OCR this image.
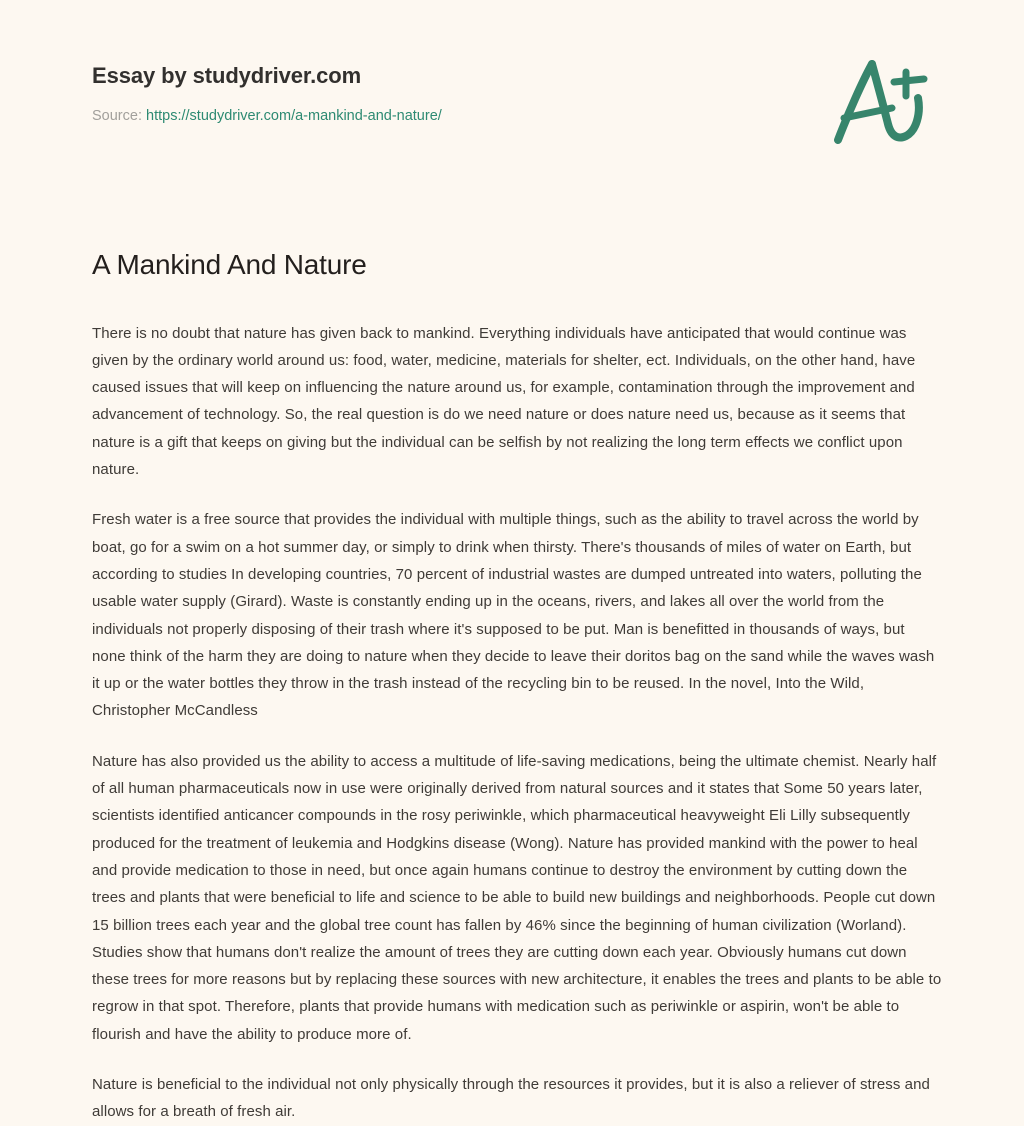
Essay by studydriver.com
Source: https://studydriver.com/a-mankind-and-nature/
A Mankind And Nature

There is no doubt that nature has given back to mankind. Everything individuals have anticipated that would continue was given by the ordinary world around us: food, water, medicine, materials for shelter, ect. Individuals, on the other hand, have caused issues that will keep on influencing the nature around us, for example, contamination through the improvement and advancement of technology. So, the real question is do we need nature or does nature need us, because as it seems that nature is a gift that keeps on giving but the individual can be selfish by not realizing the long term effects we conflict upon nature.

Fresh water is a free source that provides the individual with multiple things, such as the ability to travel across the world by boat, go for a swim on a hot summer day, or simply to drink when thirsty. There's thousands of miles of water on Earth, but according to studies In developing countries, 70 percent of industrial wastes are dumped untreated into waters, polluting the usable water supply (Girard). Waste is constantly ending up in the oceans, rivers, and lakes all over the world from the individuals not properly disposing of their trash where it's supposed to be put. Man is benefitted in thousands of ways, but none think of the harm they are doing to nature when they decide to leave their doritos bag on the sand while the waves wash it up or the water bottles they throw in the trash instead of the recycling bin to be reused. In the novel, Into the Wild, Christopher McCandless

Nature has also provided us the ability to access a multitude of life-saving medications, being the ultimate chemist. Nearly half of all human pharmaceuticals now in use were originally derived from natural sources and it states that Some 50 years later, scientists identified anticancer compounds in the rosy periwinkle, which pharmaceutical heavyweight Eli Lilly subsequently produced for the treatment of leukemia and Hodgkins disease (Wong). Nature has provided mankind with the power to heal and provide medication to those in need, but once again humans continue to destroy the environment by cutting down the trees and plants that were beneficial to life and science to be able to build new buildings and neighborhoods. People cut down 15 billion trees each year and the global tree count has fallen by 46% since the beginning of human civilization (Worland). Studies show that humans don't realize the amount of trees they are cutting down each year. Obviously humans cut down these trees for more reasons but by replacing these sources with new architecture, it enables the trees and plants to be able to regrow in that spot. Therefore, plants that provide humans with medication such as periwinkle or aspirin, won't be able to flourish and have the ability to produce more of.

Nature is beneficial to the individual not only physically through the resources it provides, but it is also a reliever of stress and allows for a breath of fresh air.
